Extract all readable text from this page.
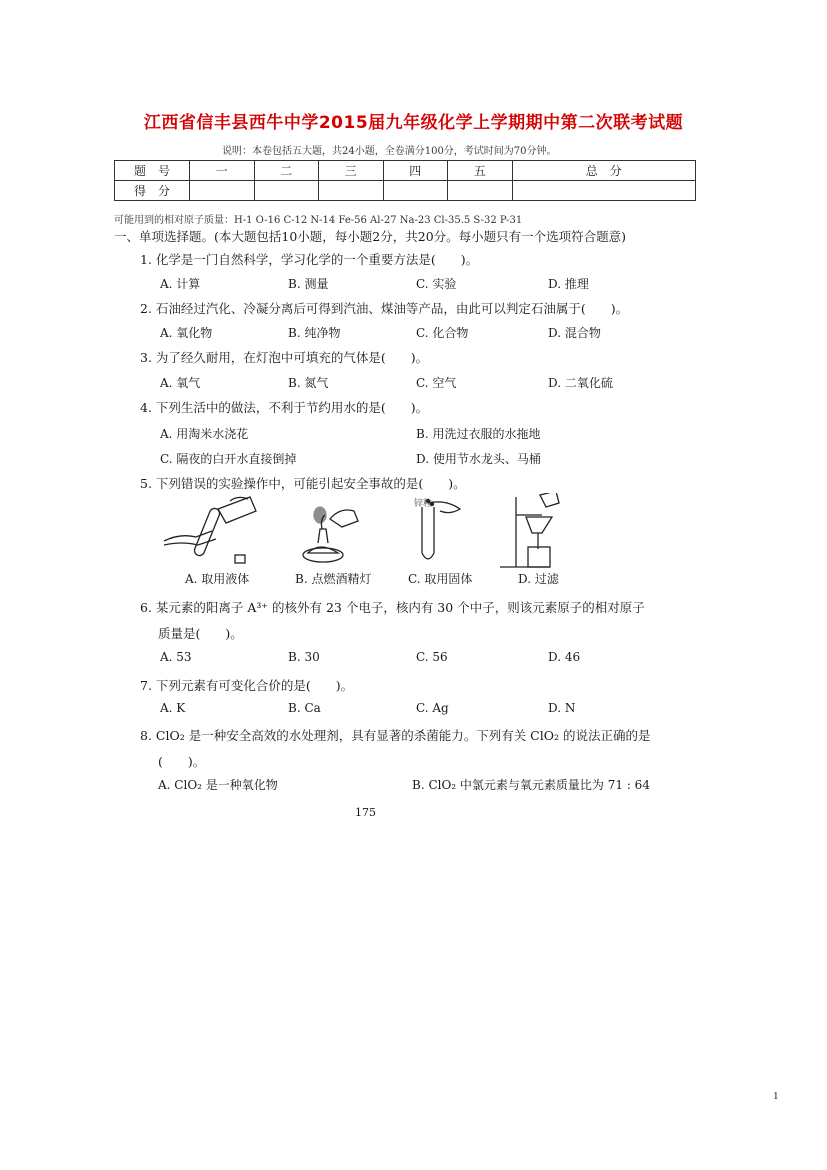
江西省信丰县西牛中学2015届九年级化学上学期期中第二次联考试题
说明：本卷包括五大题，共24小题，全卷满分100分，考试时间为70分钟。
题　号	一	二	三	四	五	总　分
得　分						
可能用到的相对原子质量：H-1 O-16 C-12 N-14 Fe-56 Al-27 Na-23 Cl-35.5 S-32 P-31
一、单项选择题。(本大题包括10小题，每小题2分，共20分。每小题只有一个选项符合题意)
1. 化学是一门自然科学，学习化学的一个重要方法是(　　)。
A. 计算	B. 测量	C. 实验	D. 推理
2. 石油经过汽化、冷凝分离后可得到汽油、煤油等产品，由此可以判定石油属于(　　)。
A. 氧化物	B. 纯净物	C. 化合物	D. 混合物
3. 为了经久耐用，在灯泡中可填充的气体是(　　)。
A. 氧气	B. 氮气	C. 空气	D. 二氧化硫
4. 下列生活中的做法，不利于节约用水的是(　　)。
A. 用淘米水浇花	B. 用洗过衣服的水拖地
C. 隔夜的白开水直接倒掉	D. 使用节水龙头、马桶
5. 下列错误的实验操作中，可能引起安全事故的是(　　)。
锌粒
A. 取用液体	B. 点燃酒精灯	C. 取用固体	D. 过滤
6. 某元素的阳离子 A³⁺ 的核外有 23 个电子，核内有 30 个中子，则该元素原子的相对原子
质量是(　　)。
A. 53	B. 30	C. 56	D. 46
7. 下列元素有可变化合价的是(　　)。
A. K	B. Ca	C. Ag	D. N
8. ClO₂ 是一种安全高效的水处理剂，具有显著的杀菌能力。下列有关 ClO₂ 的说法正确的是
(　　)。
A. ClO₂ 是一种氧化物	B. ClO₂ 中氯元素与氧元素质量比为 71 : 64
175
1
